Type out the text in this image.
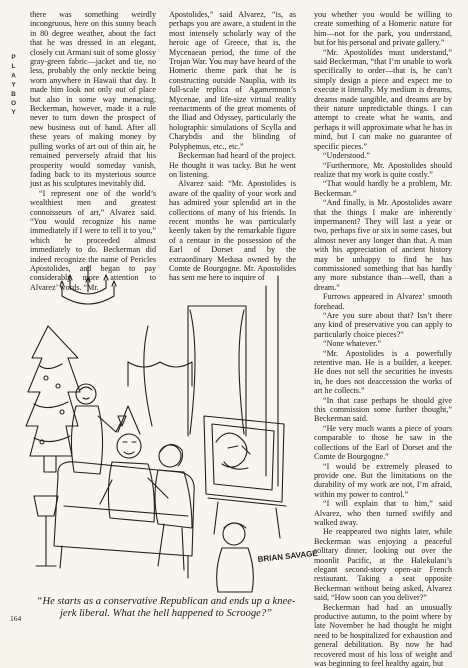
PLAYBOY

there was something weirdly incongruous, here on this sunny beach in 80 degree weather, about the fact that he was dressed in an elegant, closely cut Armani suit of some glossy gray-green fabric—jacket and tie, no less, probably the only necktie being worn anywhere in Hawaii that day. It made him look not only out of place but also in some way menacing. Beckerman, however, made it a rule never to turn down the prospect of new business out of hand. After all these years of making money by pulling works of art out of thin air, he remained perversely afraid that his prosperity would someday vanish, fading back to its mysterious source just as his sculptures inevitably did.

“I represent one of the world’s wealthiest men and greatest connoisseurs of art,” Alvarez said. “You would recognize his name immediately if I were to tell it to you,” which he proceeded almost immediately to do. Beckerman did indeed recognize the name of Pericles Apostolides, and began to pay considerably more attention to Alvarez’ words. “Mr.

Apostolides,” said Alvarez, “is, as perhaps you are aware, a student in the most intensely scholarly way of the heroic age of Greece, that is, the Mycenaean period, the time of the Trojan War. You may have heard of the Homeric theme park that he is constructing outside Nauplia, with its full-scale replica of Agamemnon’s Mycenae, and life-size virtual reality reenactments of the great moments of the Iliad and Odyssey, particularly the holographic simulations of Scylla and Charybdis and the blinding of Polyphemus, etc., etc.”

Beckerman had heard of the project. He thought it was tacky. But he went on listening.

Alvarez said: “Mr. Apostolides is aware of the quality of your work and has admired your splendid art in the collections of many of his friends. In recent months he was particularly keenly taken by the remarkable figure of a centaur in the possession of the Earl of Dorset and by the extraordinary Medusa owned by the Comte de Bourgogne. Mr. Apostolides has sent me here to inquire of

you whether you would be willing to create something of a Homeric nature for him—not for the park, you understand, but for his personal and private gallery.”

“Mr. Apostolides must understand,” said Beckerman, “that I’m unable to work specifically to order—that is, he can’t simply design a piece and expect me to execute it literally. My medium is dreams, dreams made tangible, and dreams are by their nature unpredictable things. I can attempt to create what he wants, and perhaps it will approximate what he has in mind, but I can make no guarantee of specific pieces.”

“Understood.”

“Furthermore, Mr. Apostolides should realize that my work is quite costly.”

“That would hardly be a problem, Mr. Beckerman.”

“And finally, is Mr. Apostolides aware that the things I make are inherently impermanent? They will last a year or two, perhaps five or six in some cases, but almost never any longer than that. A man with his appreciation of ancient history may be unhappy to find he has commissioned something that has hardly any more substance than—well, than a dream.”

Furrows appeared in Alvarez’ smooth forehead.

“Are you sure about that? Isn’t there any kind of preservative you can apply to particularly choice pieces?”

“None whatever.”

“Mr. Apostolides is a powerfully retentive man. He is a builder, a keeper. He does not sell the securities he invests in, he does not deaccession the works of art he collects.”

“In that case perhaps he should give this commission some further thought,” Beckerman said.

“He very much wants a piece of yours comparable to those he saw in the collections of the Earl of Dorset and the Comte de Bourgogne.”

“I would be extremely pleased to provide one. But the limitations on the durability of my work are not, I’m afraid, within my power to control.”

“I will explain that to him,” said Alvarez, who then turned swiftly and walked away.

He reappeared two nights later, while Beckerman was enjoying a peaceful solitary dinner, looking out over the moonlit Pacific, at the Halekulani’s elegant second-story open-air French restaurant. Taking a seat opposite Beckerman without being asked, Alvarez said, “How soon can you deliver?”

Beckerman had had an unusually productive autumn, to the point where by late November he had thought he might need to be hospitalized for exhaustion and general debilitation. By now he had recovered most of his loss of weight and was beginning to feel healthy again, but

BRIAN SAVAGE
“He starts as a conservative Republican and ends up a knee-jerk liberal. What the hell happened to Scrooge?”
164
